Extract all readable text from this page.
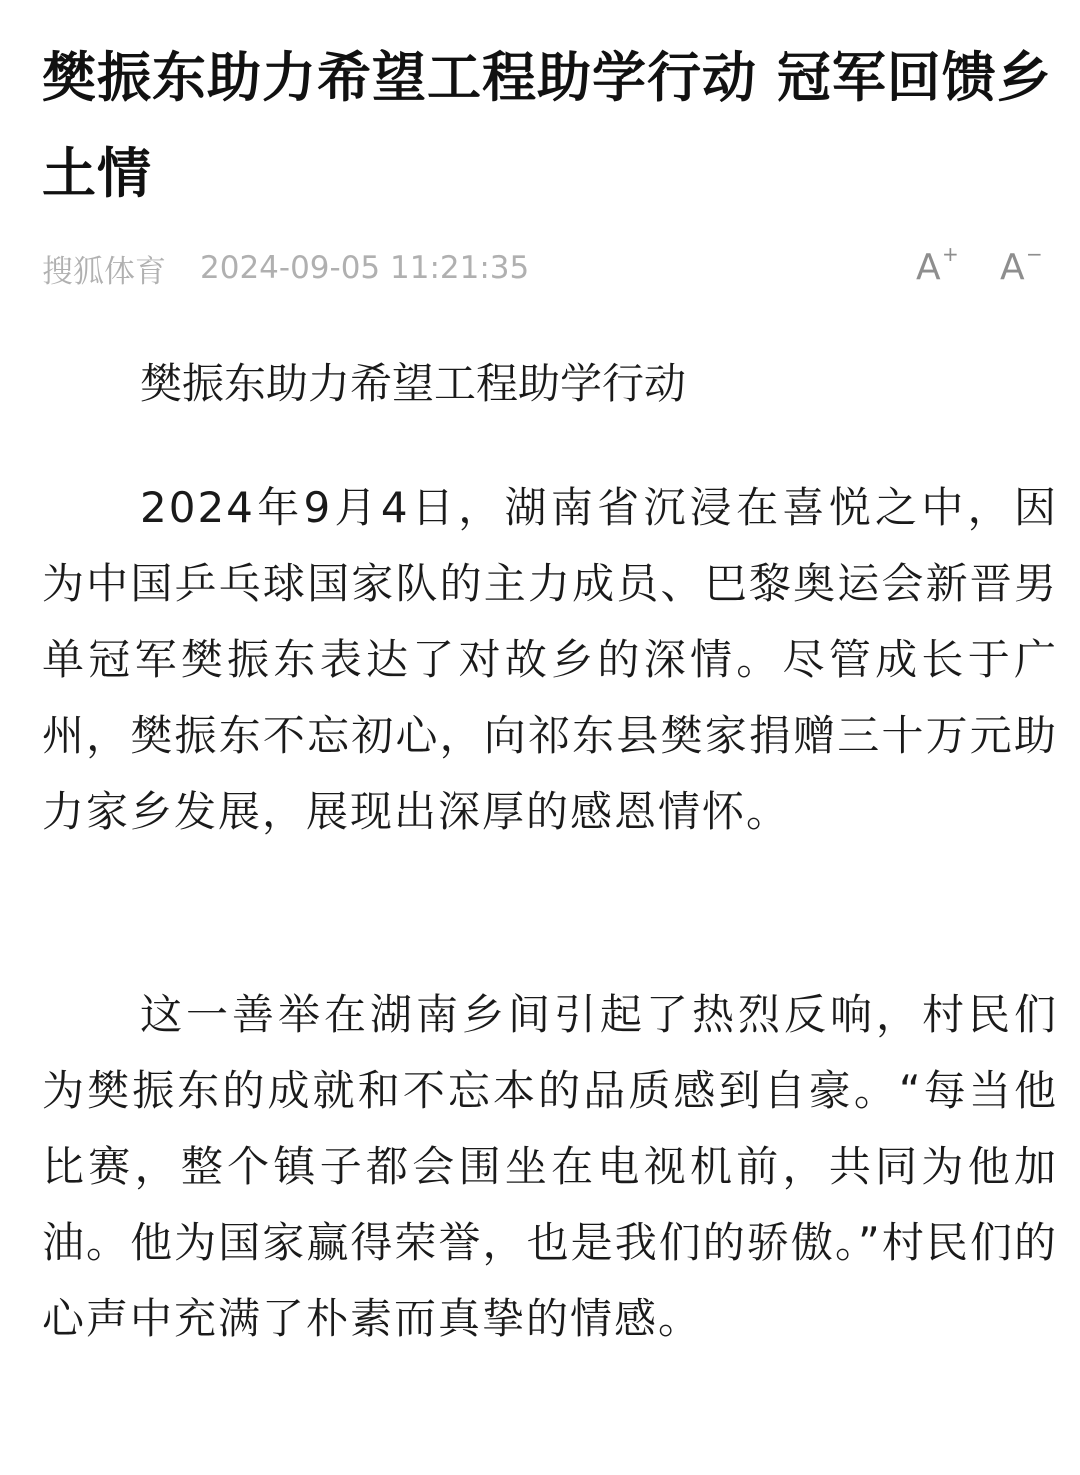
樊振东助力希望工程助学行动 冠军回馈乡土情
搜狐体育 2024-09-05 11:21:35	A + A −

樊振东助力希望工程助学行动

2024年9月4日，湖南省沉浸在喜悦之中，因为中国乒乓球国家队的主力成员、巴黎奥运会新晋男单冠军樊振东表达了对故乡的深情。尽管成长于广州，樊振东不忘初心，向祁东县樊家捐赠三十万元助力家乡发展，展现出深厚的感恩情怀。

这一善举在湖南乡间引起了热烈反响，村民们为樊振东的成就和不忘本的品质感到自豪。“每当他比赛，整个镇子都会围坐在电视机前，共同为他加油。他为国家赢得荣誉，也是我们的骄傲。”村民们的心声中充满了朴素而真挚的情感。
